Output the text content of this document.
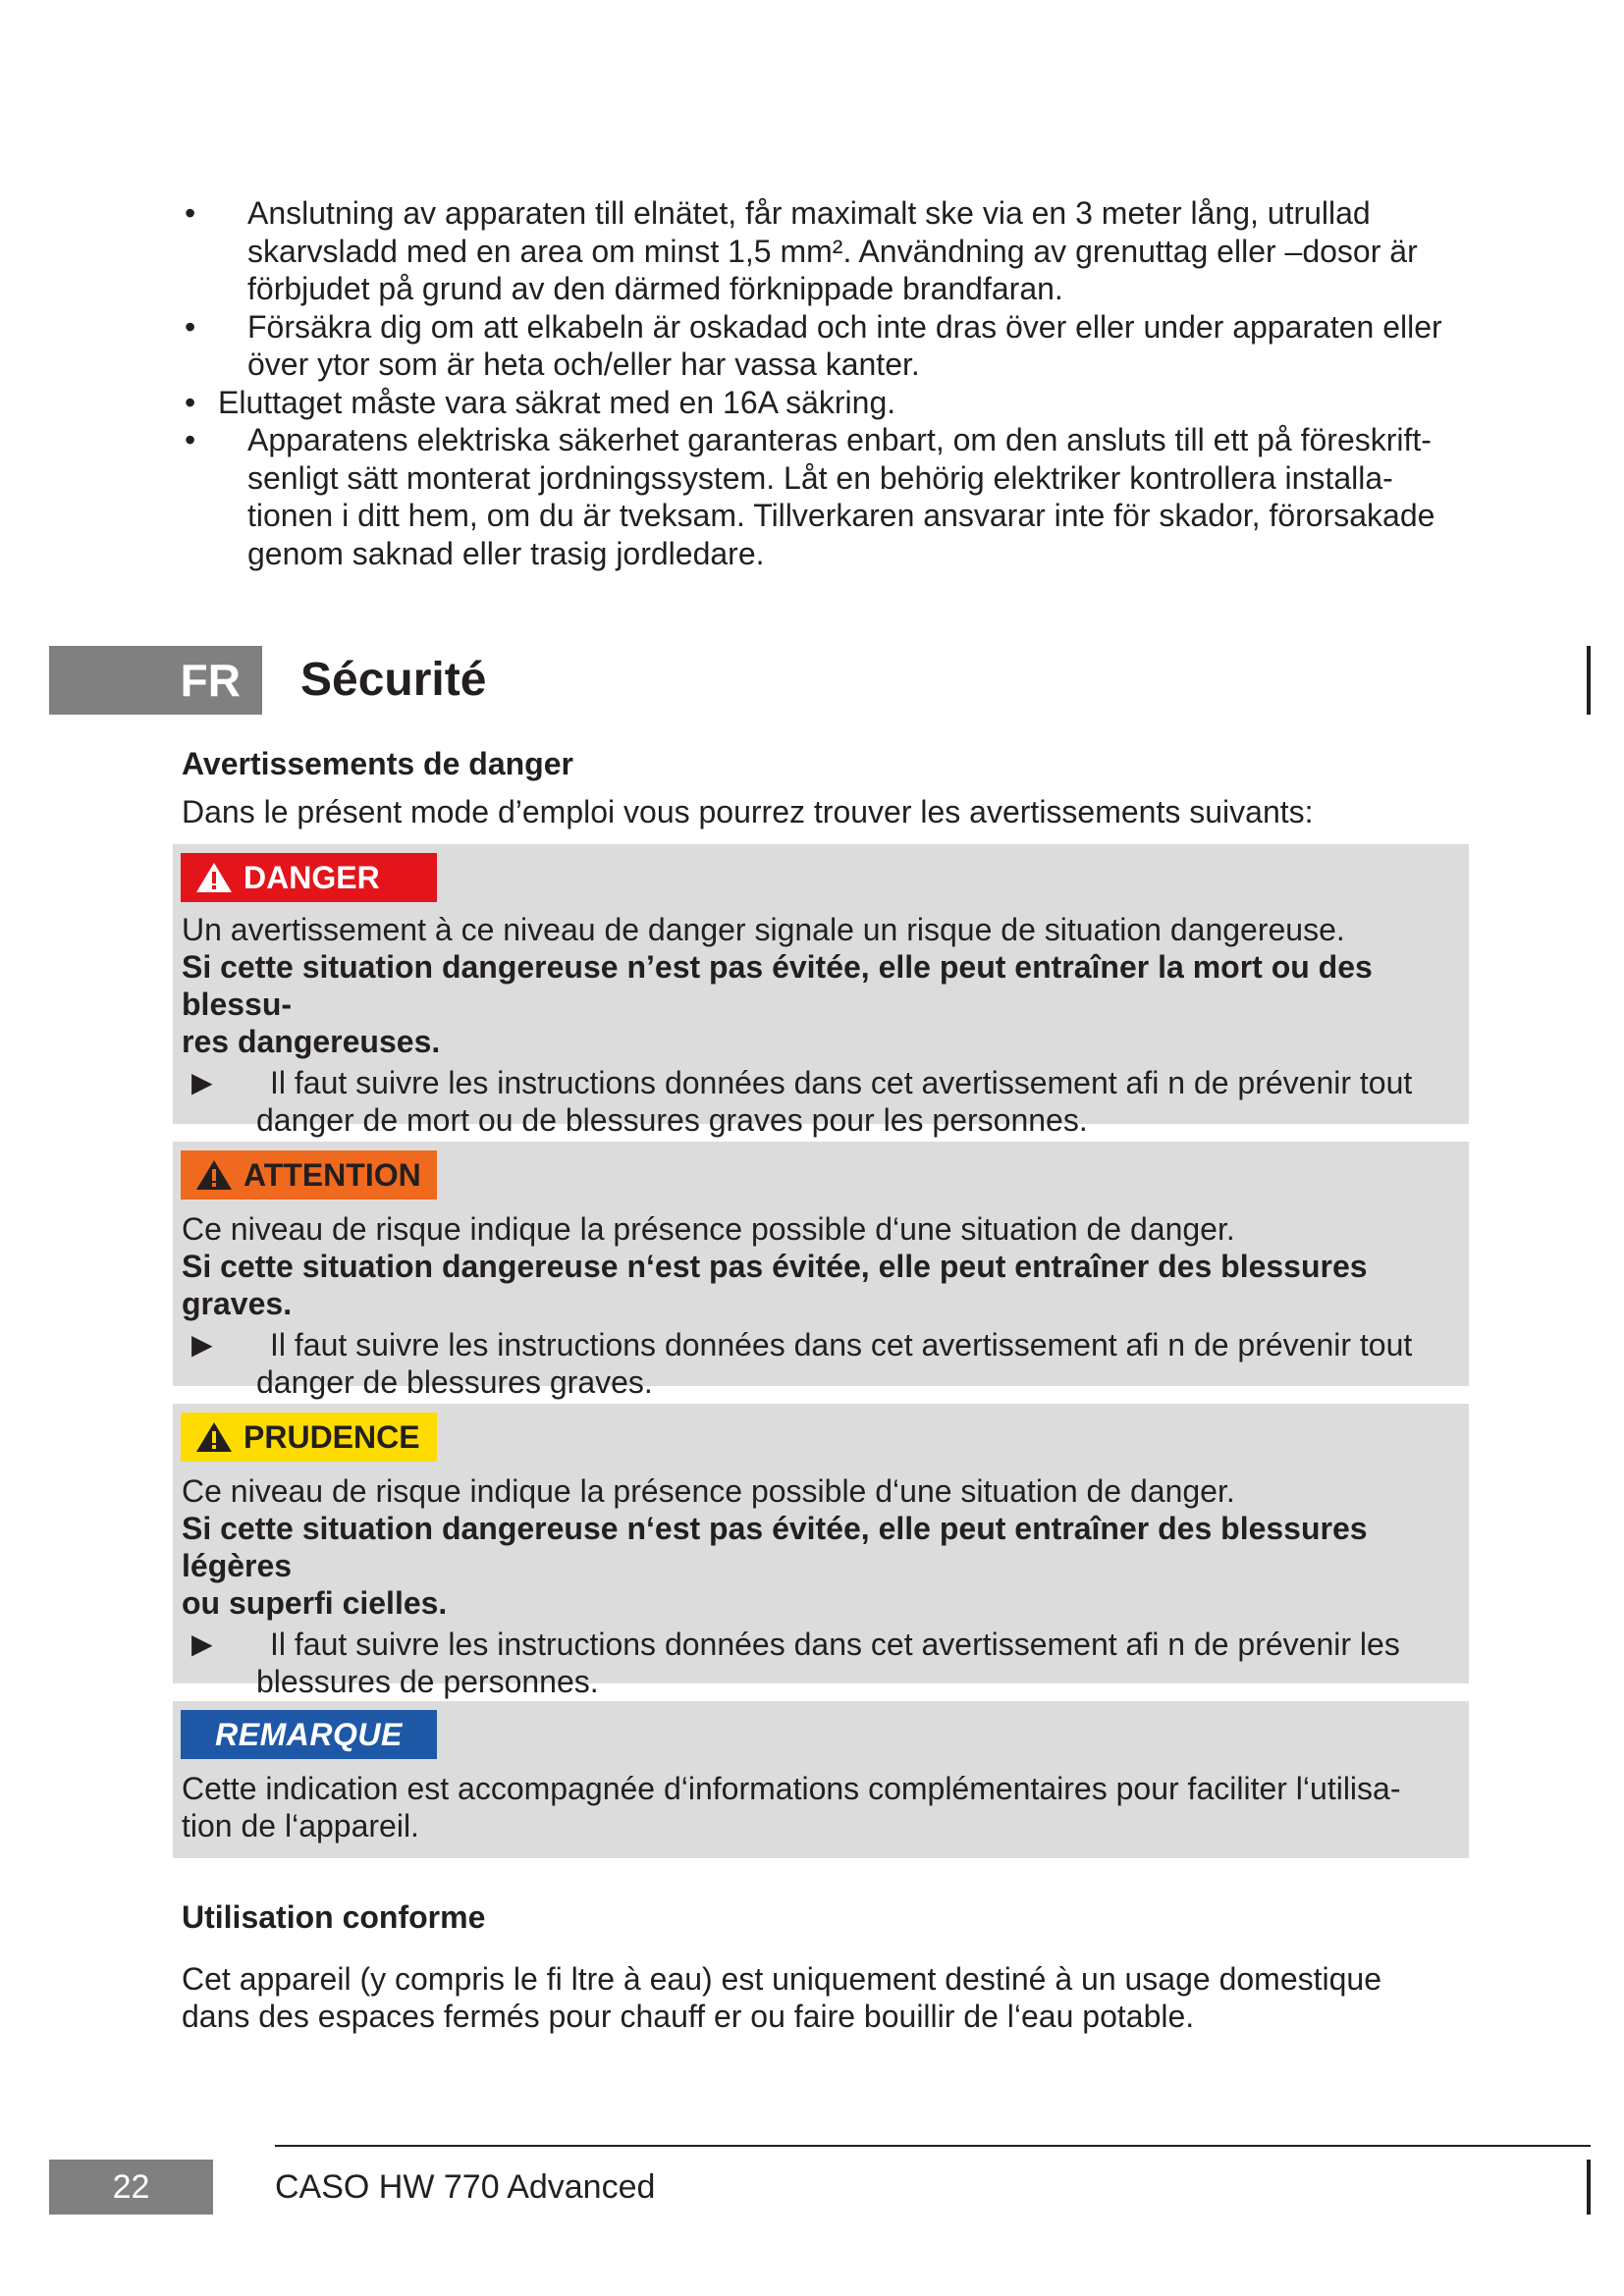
• Anslutning av apparaten till elnätet, får maximalt ske via en 3 meter lång, utrullad
skarvsladd med en area om minst 1,5 mm². Användning av grenuttag eller –dosor är
förbjudet på grund av den därmed förknippade brandfaran.
• Försäkra dig om att elkabeln är oskadad och inte dras över eller under apparaten eller
över ytor som är heta och/eller har vassa kanter.
• Eluttaget måste vara säkrat med en 16A säkring.
• Apparatens elektriska säkerhet garanteras enbart, om den ansluts till ett på föreskrift-
senligt sätt monterat jordningssystem. Låt en behörig elektriker kontrollera installa-
tionen i ditt hem, om du är tveksam. Tillverkaren ansvarar inte för skador, förorsakade
genom saknad eller trasig jordledare.
FR Sécurité
Avertissements de danger
Dans le présent mode d’emploi vous pourrez trouver les avertissements suivants:
DANGER
Un avertissement à ce niveau de danger signale un risque de situation dangereuse.
Si cette situation dangereuse n’est pas évitée, elle peut entraîner la mort ou des blessu-
res dangereuses.
▶	Il faut suivre les instructions données dans cet avertissement afi n de prévenir tout
danger de mort ou de blessures graves pour les personnes.
ATTENTION
Ce niveau de risque indique la présence possible d‘une situation de danger.
Si cette situation dangereuse n‘est pas évitée, elle peut entraîner des blessures graves.
▶	Il faut suivre les instructions données dans cet avertissement afi n de prévenir tout
danger de blessures graves.
PRUDENCE
Ce niveau de risque indique la présence possible d‘une situation de danger.
Si cette situation dangereuse n‘est pas évitée, elle peut entraîner des blessures légères
ou superfi cielles.
▶	Il faut suivre les instructions données dans cet avertissement afi n de prévenir les
blessures de personnes.
REMARQUE
Cette indication est accompagnée d‘informations complémentaires pour faciliter l‘utilisa-
tion de l‘appareil.
Utilisation conforme
Cet appareil (y compris le fi ltre à eau) est uniquement destiné à un usage domestique
dans des espaces fermés pour chauff er ou faire bouillir de l‘eau potable.
22	CASO HW 770 Advanced
